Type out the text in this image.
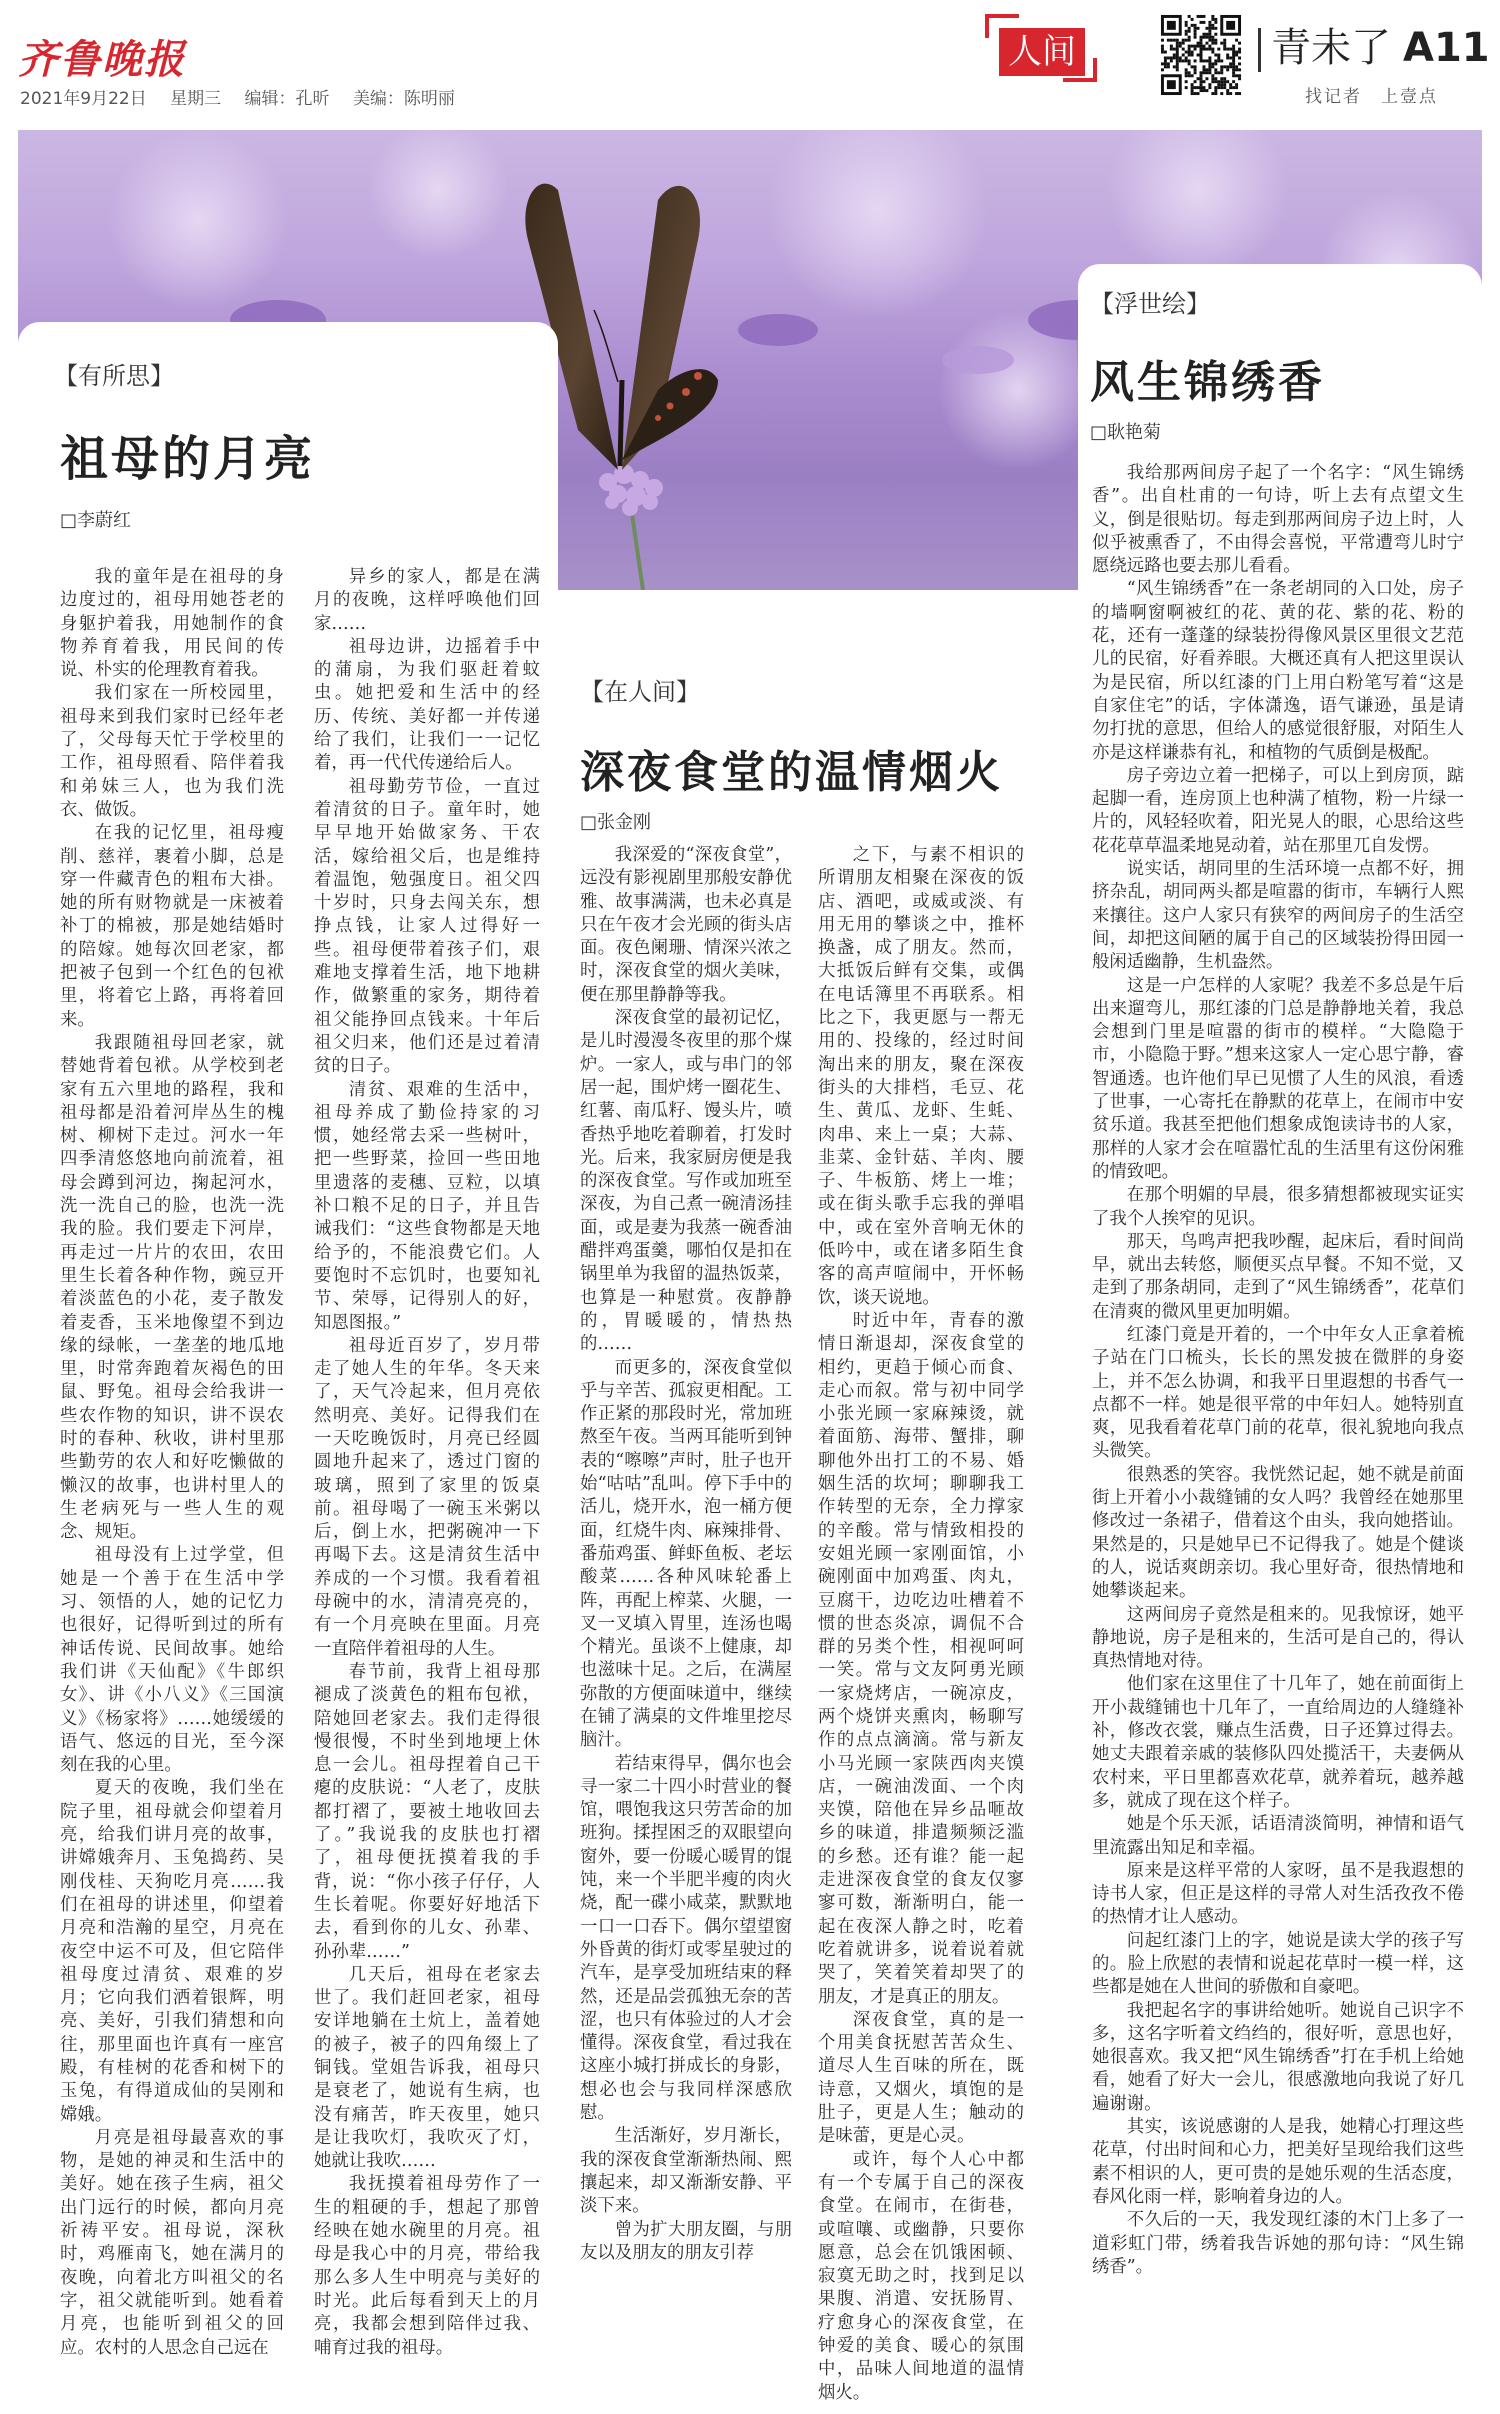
齐鲁晚报
2021年9月22日 星期三 编辑：孔昕 美编：陈明丽
人间	青未了 A11
找记者　上壹点
【有所思】
祖母的月亮
□李蔚红

我的童年是在祖母的身边度过的，祖母用她苍老的身躯护着我，用她制作的食物养育着我，用民间的传说、朴实的伦理教育着我。

我们家在一所校园里，祖母来到我们家时已经年老了，父母每天忙于学校里的工作，祖母照看、陪伴着我和弟妹三人，也为我们洗衣、做饭。

在我的记忆里，祖母瘦削、慈祥，裹着小脚，总是穿一件藏青色的粗布大褂。她的所有财物就是一床被着补丁的棉被，那是她结婚时的陪嫁。她每次回老家，都把被子包到一个红色的包袱里，将着它上路，再将着回来。

我跟随祖母回老家，就替她背着包袱。从学校到老家有五六里地的路程，我和祖母都是沿着河岸丛生的槐树、柳树下走过。河水一年四季清悠悠地向前流着，祖母会蹲到河边，掬起河水，洗一洗自己的脸，也洗一洗我的脸。我们要走下河岸，再走过一片片的农田，农田里生长着各种作物，豌豆开着淡蓝色的小花，麦子散发着麦香，玉米地像望不到边缘的绿帐，一垄垄的地瓜地里，时常奔跑着灰褐色的田鼠、野兔。祖母会给我讲一些农作物的知识，讲不误农时的春种、秋收，讲村里那些勤劳的农人和好吃懒做的懒汉的故事，也讲村里人的生老病死与一些人生的观念、规矩。

祖母没有上过学堂，但她是一个善于在生活中学习、领悟的人，她的记忆力也很好，记得听到过的所有神话传说、民间故事。她给我们讲《天仙配》《牛郎织女》、讲《小八义》《三国演义》《杨家将》……她缓缓的语气、悠远的目光，至今深刻在我的心里。

夏天的夜晚，我们坐在院子里，祖母就会仰望着月亮，给我们讲月亮的故事，讲嫦娥奔月、玉兔捣药、吴刚伐桂、天狗吃月亮……我们在祖母的讲述里，仰望着月亮和浩瀚的星空，月亮在夜空中运不可及，但它陪伴祖母度过清贫、艰难的岁月；它向我们洒着银辉，明亮、美好，引我们猜想和向往，那里面也许真有一座宫殿，有桂树的花香和树下的玉兔，有得道成仙的吴刚和嫦娥。

月亮是祖母最喜欢的事物，是她的神灵和生活中的美好。她在孩子生病，祖父出门远行的时候，都向月亮祈祷平安。祖母说，深秋时，鸡雁南飞，她在满月的夜晚，向着北方叫祖父的名字，祖父就能听到。她看着月亮，也能听到祖父的回应。农村的人思念自己远在

异乡的家人，都是在满月的夜晚，这样呼唤他们回家……

祖母边讲，边摇着手中的蒲扇，为我们驱赶着蚊虫。她把爱和生活中的经历、传统、美好都一并传递给了我们，让我们一一记忆着，再一代代传递给后人。

祖母勤劳节俭，一直过着清贫的日子。童年时，她早早地开始做家务、干农活，嫁给祖父后，也是维持着温饱，勉强度日。祖父四十岁时，只身去闯关东，想挣点钱，让家人过得好一些。祖母便带着孩子们，艰难地支撑着生活，地下地耕作，做繁重的家务，期待着祖父能挣回点钱来。十年后祖父归来，他们还是过着清贫的日子。

清贫、艰难的生活中，祖母养成了勤俭持家的习惯，她经常去采一些树叶，把一些野菜，捡回一些田地里遗落的麦穗、豆粒，以填补口粮不足的日子，并且告诫我们：“这些食物都是天地给予的，不能浪费它们。人要饱时不忘饥时，也要知礼节、荣辱，记得别人的好，知恩图报。”

祖母近百岁了，岁月带走了她人生的年华。冬天来了，天气冷起来，但月亮依然明亮、美好。记得我们在一天吃晚饭时，月亮已经圆圆地升起来了，透过门窗的玻璃，照到了家里的饭桌前。祖母喝了一碗玉米粥以后，倒上水，把粥碗冲一下再喝下去。这是清贫生活中养成的一个习惯。我看着祖母碗中的水，清清亮亮的，有一个月亮映在里面。月亮一直陪伴着祖母的人生。

春节前，我背上祖母那褪成了淡黄色的粗布包袱，陪她回老家去。我们走得很慢很慢，不时坐到地埂上休息一会儿。祖母捏着自己干瘪的皮肤说：“人老了，皮肤都打褶了，要被土地收回去了。”我说我的皮肤也打褶了，祖母便抚摸着我的手背，说：“你小孩子仔仔，人生长着呢。你要好好地活下去，看到你的儿女、孙辈、孙孙辈……”

几天后，祖母在老家去世了。我们赶回老家，祖母安详地躺在土炕上，盖着她的被子，被子的四角缀上了铜钱。堂姐告诉我，祖母只是衰老了，她说有生病，也没有痛苦，昨天夜里，她只是让我吹灯，我吹灭了灯，她就让我吹……

我抚摸着祖母劳作了一生的粗硬的手，想起了那曾经映在她水碗里的月亮。祖母是我心中的月亮，带给我那么多人生中明亮与美好的时光。此后每看到天上的月亮，我都会想到陪伴过我、哺育过我的祖母。

【在人间】
深夜食堂的温情烟火
□张金刚

我深爱的“深夜食堂”，远没有影视剧里那般安静优雅、故事满满，也未必真是只在午夜才会光顾的街头店面。夜色阑珊、情深兴浓之时，深夜食堂的烟火美味，便在那里静静等我。

深夜食堂的最初记忆，是儿时漫漫冬夜里的那个煤炉。一家人，或与串门的邻居一起，围炉烤一圈花生、红薯、南瓜籽、馒头片，喷香热乎地吃着聊着，打发时光。后来，我家厨房便是我的深夜食堂。写作或加班至深夜，为自己煮一碗清汤挂面，或是妻为我蒸一碗香油醋拌鸡蛋羹，哪怕仅是扣在锅里单为我留的温热饭菜，也算是一种慰赏。夜静静的，胃暖暖的，情热热的……

而更多的，深夜食堂似乎与辛苦、孤寂更相配。工作正紧的那段时光，常加班熬至午夜。当两耳能听到钟表的“嚓嚓”声时，肚子也开始“咕咕”乱叫。停下手中的活儿，烧开水，泡一桶方便面，红烧牛肉、麻辣排骨、番茄鸡蛋、鲜虾鱼板、老坛酸菜……各种风味轮番上阵，再配上榨菜、火腿，一叉一叉填入胃里，连汤也喝个精光。虽谈不上健康，却也滋味十足。之后，在满屋弥散的方便面味道中，继续在铺了满桌的文件堆里挖尽脑汁。

若结束得早，偶尔也会寻一家二十四小时营业的餐馆，喂饱我这只劳苦命的加班狗。揉捏困乏的双眼望向窗外，要一份暖心暖胃的馄饨，来一个半肥半瘦的肉火烧，配一碟小咸菜，默默地一口一口吞下。偶尔望望窗外昏黄的街灯或零星驶过的汽车，是享受加班结束的释然，还是品尝孤独无奈的苦涩，也只有体验过的人才会懂得。深夜食堂，看过我在这座小城打拼成长的身影，想必也会与我同样深感欣慰。

生活渐好，岁月渐长，我的深夜食堂渐渐热闹、熙攘起来，却又渐渐安静、平淡下来。

曾为扩大朋友圈，与朋友以及朋友的朋友引荐

之下，与素不相识的所谓朋友相聚在深夜的饭店、酒吧，或威或淡、有用无用的攀谈之中，推杯换盏，成了朋友。然而，大抵饭后鲜有交集，或偶在电话簿里不再联系。相比之下，我更愿与一帮无用的、投缘的，经过时间淘出来的朋友，聚在深夜街头的大排档，毛豆、花生、黄瓜、龙虾、生蚝、肉串、来上一桌；大蒜、韭菜、金针菇、羊肉、腰子、牛板筋、烤上一堆；或在街头歌手忘我的弹唱中，或在室外音响无休的低吟中，或在诸多陌生食客的高声喧闹中，开怀畅饮，谈天说地。

时近中年，青春的激情日渐退却，深夜食堂的相约，更趋于倾心而食、走心而叙。常与初中同学小张光顾一家麻辣烫，就着面筋、海带、蟹排，聊聊他外出打工的不易、婚姻生活的坎坷；聊聊我工作转型的无奈，全力撑家的辛酸。常与情致相投的安姐光顾一家刚面馆，小碗刚面中加鸡蛋、肉丸，豆腐干，边吃边吐槽着不惯的世态炎凉，调侃不合群的另类个性，相视呵呵一笑。常与文友阿勇光顾一家烧烤店，一碗凉皮，两个烧饼夹熏肉，畅聊写作的点点滴滴。常与新友小马光顾一家陕西肉夹馍店，一碗油泼面、一个肉夹馍，陪他在异乡品咂故乡的味道，排遣频频泛滥的乡愁。还有谁？能一起走进深夜食堂的食友仅寥寥可数，渐渐明白，能一起在夜深人静之时，吃着吃着就讲多，说着说着就哭了，笑着笑着却哭了的朋友，才是真正的朋友。

深夜食堂，真的是一个用美食抚慰苦苦众生、道尽人生百味的所在，既诗意，又烟火，填饱的是肚子，更是人生；触动的是味蕾，更是心灵。

或许，每个人心中都有一个专属于自己的深夜食堂。在闹市，在街巷，或喧嚷、或幽静，只要你愿意，总会在饥饿困顿、寂寞无助之时，找到足以果腹、消遣、安抚肠胃、疗愈身心的深夜食堂，在钟爱的美食、暖心的氛围中，品味人间地道的温情烟火。

【浮世绘】
风生锦绣香
□耿艳菊

我给那两间房子起了一个名字：“风生锦绣香”。出自杜甫的一句诗，听上去有点望文生义，倒是很贴切。每走到那两间房子边上时，人似乎被熏香了，不由得会喜悦，平常遭弯儿时宁愿绕远路也要去那儿看看。

“风生锦绣香”在一条老胡同的入口处，房子的墙啊窗啊被红的花、黄的花、紫的花、粉的花，还有一蓬蓬的绿装扮得像风景区里很文艺范儿的民宿，好看养眼。大概还真有人把这里误认为是民宿，所以红漆的门上用白粉笔写着“这是自家住宅”的话，字体潇逸，语气谦逊，虽是请勿打扰的意思，但给人的感觉很舒服，对陌生人亦是这样谦恭有礼，和植物的气质倒是极配。

房子旁边立着一把梯子，可以上到房顶，踮起脚一看，连房顶上也种满了植物，粉一片绿一片的，风轻轻吹着，阳光晃人的眼，心思给这些花花草草温柔地晃动着，站在那里兀自发愣。

说实话，胡同里的生活环境一点都不好，拥挤杂乱，胡同两头都是喧嚣的街市，车辆行人熙来攘往。这户人家只有狭窄的两间房子的生活空间，却把这间陋的属于自己的区域装扮得田园一般闲适幽静，生机盎然。

这是一户怎样的人家呢？我差不多总是午后出来遛弯儿，那红漆的门总是静静地关着，我总会想到门里是喧嚣的街市的模样。“大隐隐于市，小隐隐于野。”想来这家人一定心思宁静，睿智通透。也许他们早已见惯了人生的风浪，看透了世事，一心寄托在静默的花草上，在闹市中安贫乐道。我甚至把他们想象成饱读诗书的人家，那样的人家才会在喧嚣忙乱的生活里有这份闲雅的情致吧。

在那个明媚的早晨，很多猜想都被现实证实了我个人挨窄的见识。

那天，鸟鸣声把我吵醒，起床后，看时间尚早，就出去转悠，顺便买点早餐。不知不觉，又走到了那条胡同，走到了“风生锦绣香”，花草们在清爽的微风里更加明媚。

红漆门竟是开着的，一个中年女人正拿着梳子站在门口梳头，长长的黑发披在微胖的身姿上，并不怎么协调，和我平日里遐想的书香气一点都不一样。她是很平常的中年妇人。她特别直爽，见我看着花草门前的花草，很礼貌地向我点头微笑。

很熟悉的笑容。我恍然记起，她不就是前面街上开着小小裁缝铺的女人吗？我曾经在她那里修改过一条裙子，借着这个由头，我向她搭讪。果然是的，只是她早已不记得我了。她是个健谈的人，说话爽朗亲切。我心里好奇，很热情地和她攀谈起来。

这两间房子竟然是租来的。见我惊讶，她平静地说，房子是租来的，生活可是自己的，得认真热情地对待。

他们家在这里住了十几年了，她在前面街上开小裁缝铺也十几年了，一直给周边的人缝缝补补，修改衣裳，赚点生活费，日子还算过得去。她丈夫跟着亲戚的装修队四处揽活干，夫妻俩从农村来，平日里都喜欢花草，就养着玩，越养越多，就成了现在这个样子。

她是个乐天派，话语清淡简明，神情和语气里流露出知足和幸福。

原来是这样平常的人家呀，虽不是我遐想的诗书人家，但正是这样的寻常人对生活孜孜不倦的热情才让人感动。

问起红漆门上的字，她说是读大学的孩子写的。脸上欣慰的表情和说起花草时一模一样，这些都是她在人世间的骄傲和自豪吧。

我把起名字的事讲给她听。她说自己识字不多，这名字听着文绉绉的，很好听，意思也好，她很喜欢。我又把“风生锦绣香”打在手机上给她看，她看了好大一会儿，很感激地向我说了好几遍谢谢。

其实，该说感谢的人是我，她精心打理这些花草，付出时间和心力，把美好呈现给我们这些素不相识的人，更可贵的是她乐观的生活态度，春风化雨一样，影响着身边的人。

不久后的一天，我发现红漆的木门上多了一道彩虹门带，绣着我告诉她的那句诗：“风生锦绣香”。
